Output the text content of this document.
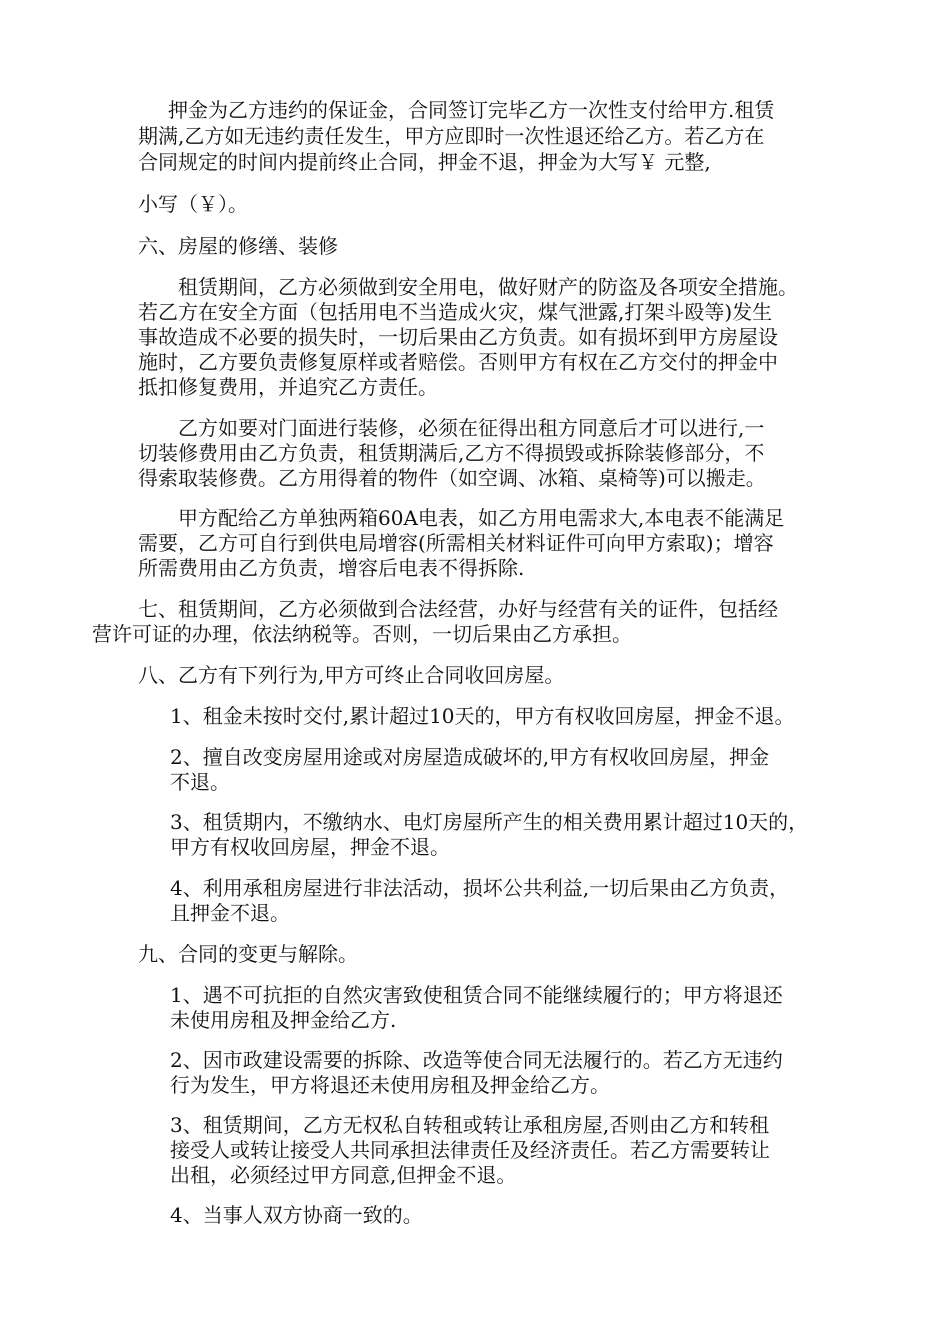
押金为乙方违约的保证金，合同签订完毕乙方一次性支付给甲方.租赁
期满,乙方如无违约责任发生，甲方应即时一次性退还给乙方。若乙方在
合同规定的时间内提前终止合同，押金不退，押金为大写￥ 元整,
小写（￥）。
六、房屋的修缮、装修
租赁期间，乙方必须做到安全用电，做好财产的防盗及各项安全措施。
若乙方在安全方面（包括用电不当造成火灾，煤气泄露,打架斗殴等)发生
事故造成不必要的损失时，一切后果由乙方负责。如有损坏到甲方房屋设
施时，乙方要负责修复原样或者赔偿。否则甲方有权在乙方交付的押金中
抵扣修复费用，并追究乙方责任。
乙方如要对门面进行装修，必须在征得出租方同意后才可以进行,一
切装修费用由乙方负责，租赁期满后,乙方不得损毁或拆除装修部分，不
得索取装修费。乙方用得着的物件（如空调、冰箱、桌椅等)可以搬走。
甲方配给乙方单独两箱60A电表，如乙方用电需求大,本电表不能满足
需要，乙方可自行到供电局增容(所需相关材料证件可向甲方索取)；增容
所需费用由乙方负责，增容后电表不得拆除.
七、租赁期间，乙方必须做到合法经营，办好与经营有关的证件，包括经
营许可证的办理，依法纳税等。否则，一切后果由乙方承担。
八、乙方有下列行为,甲方可终止合同收回房屋。
1、租金未按时交付,累计超过10天的，甲方有权收回房屋，押金不退。
2、擅自改变房屋用途或对房屋造成破坏的,甲方有权收回房屋，押金
不退。
3、租赁期内，不缴纳水、电灯房屋所产生的相关费用累计超过10天的，
甲方有权收回房屋，押金不退。
4、利用承租房屋进行非法活动，损坏公共利益,一切后果由乙方负责，
且押金不退。
九、合同的变更与解除。
1、遇不可抗拒的自然灾害致使租赁合同不能继续履行的；甲方将退还
未使用房租及押金给乙方.
2、因市政建设需要的拆除、改造等使合同无法履行的。若乙方无违约
行为发生，甲方将退还未使用房租及押金给乙方。
3、租赁期间，乙方无权私自转租或转让承租房屋,否则由乙方和转租
接受人或转让接受人共同承担法律责任及经济责任。若乙方需要转让
出租，必须经过甲方同意,但押金不退。
4、当事人双方协商一致的。
